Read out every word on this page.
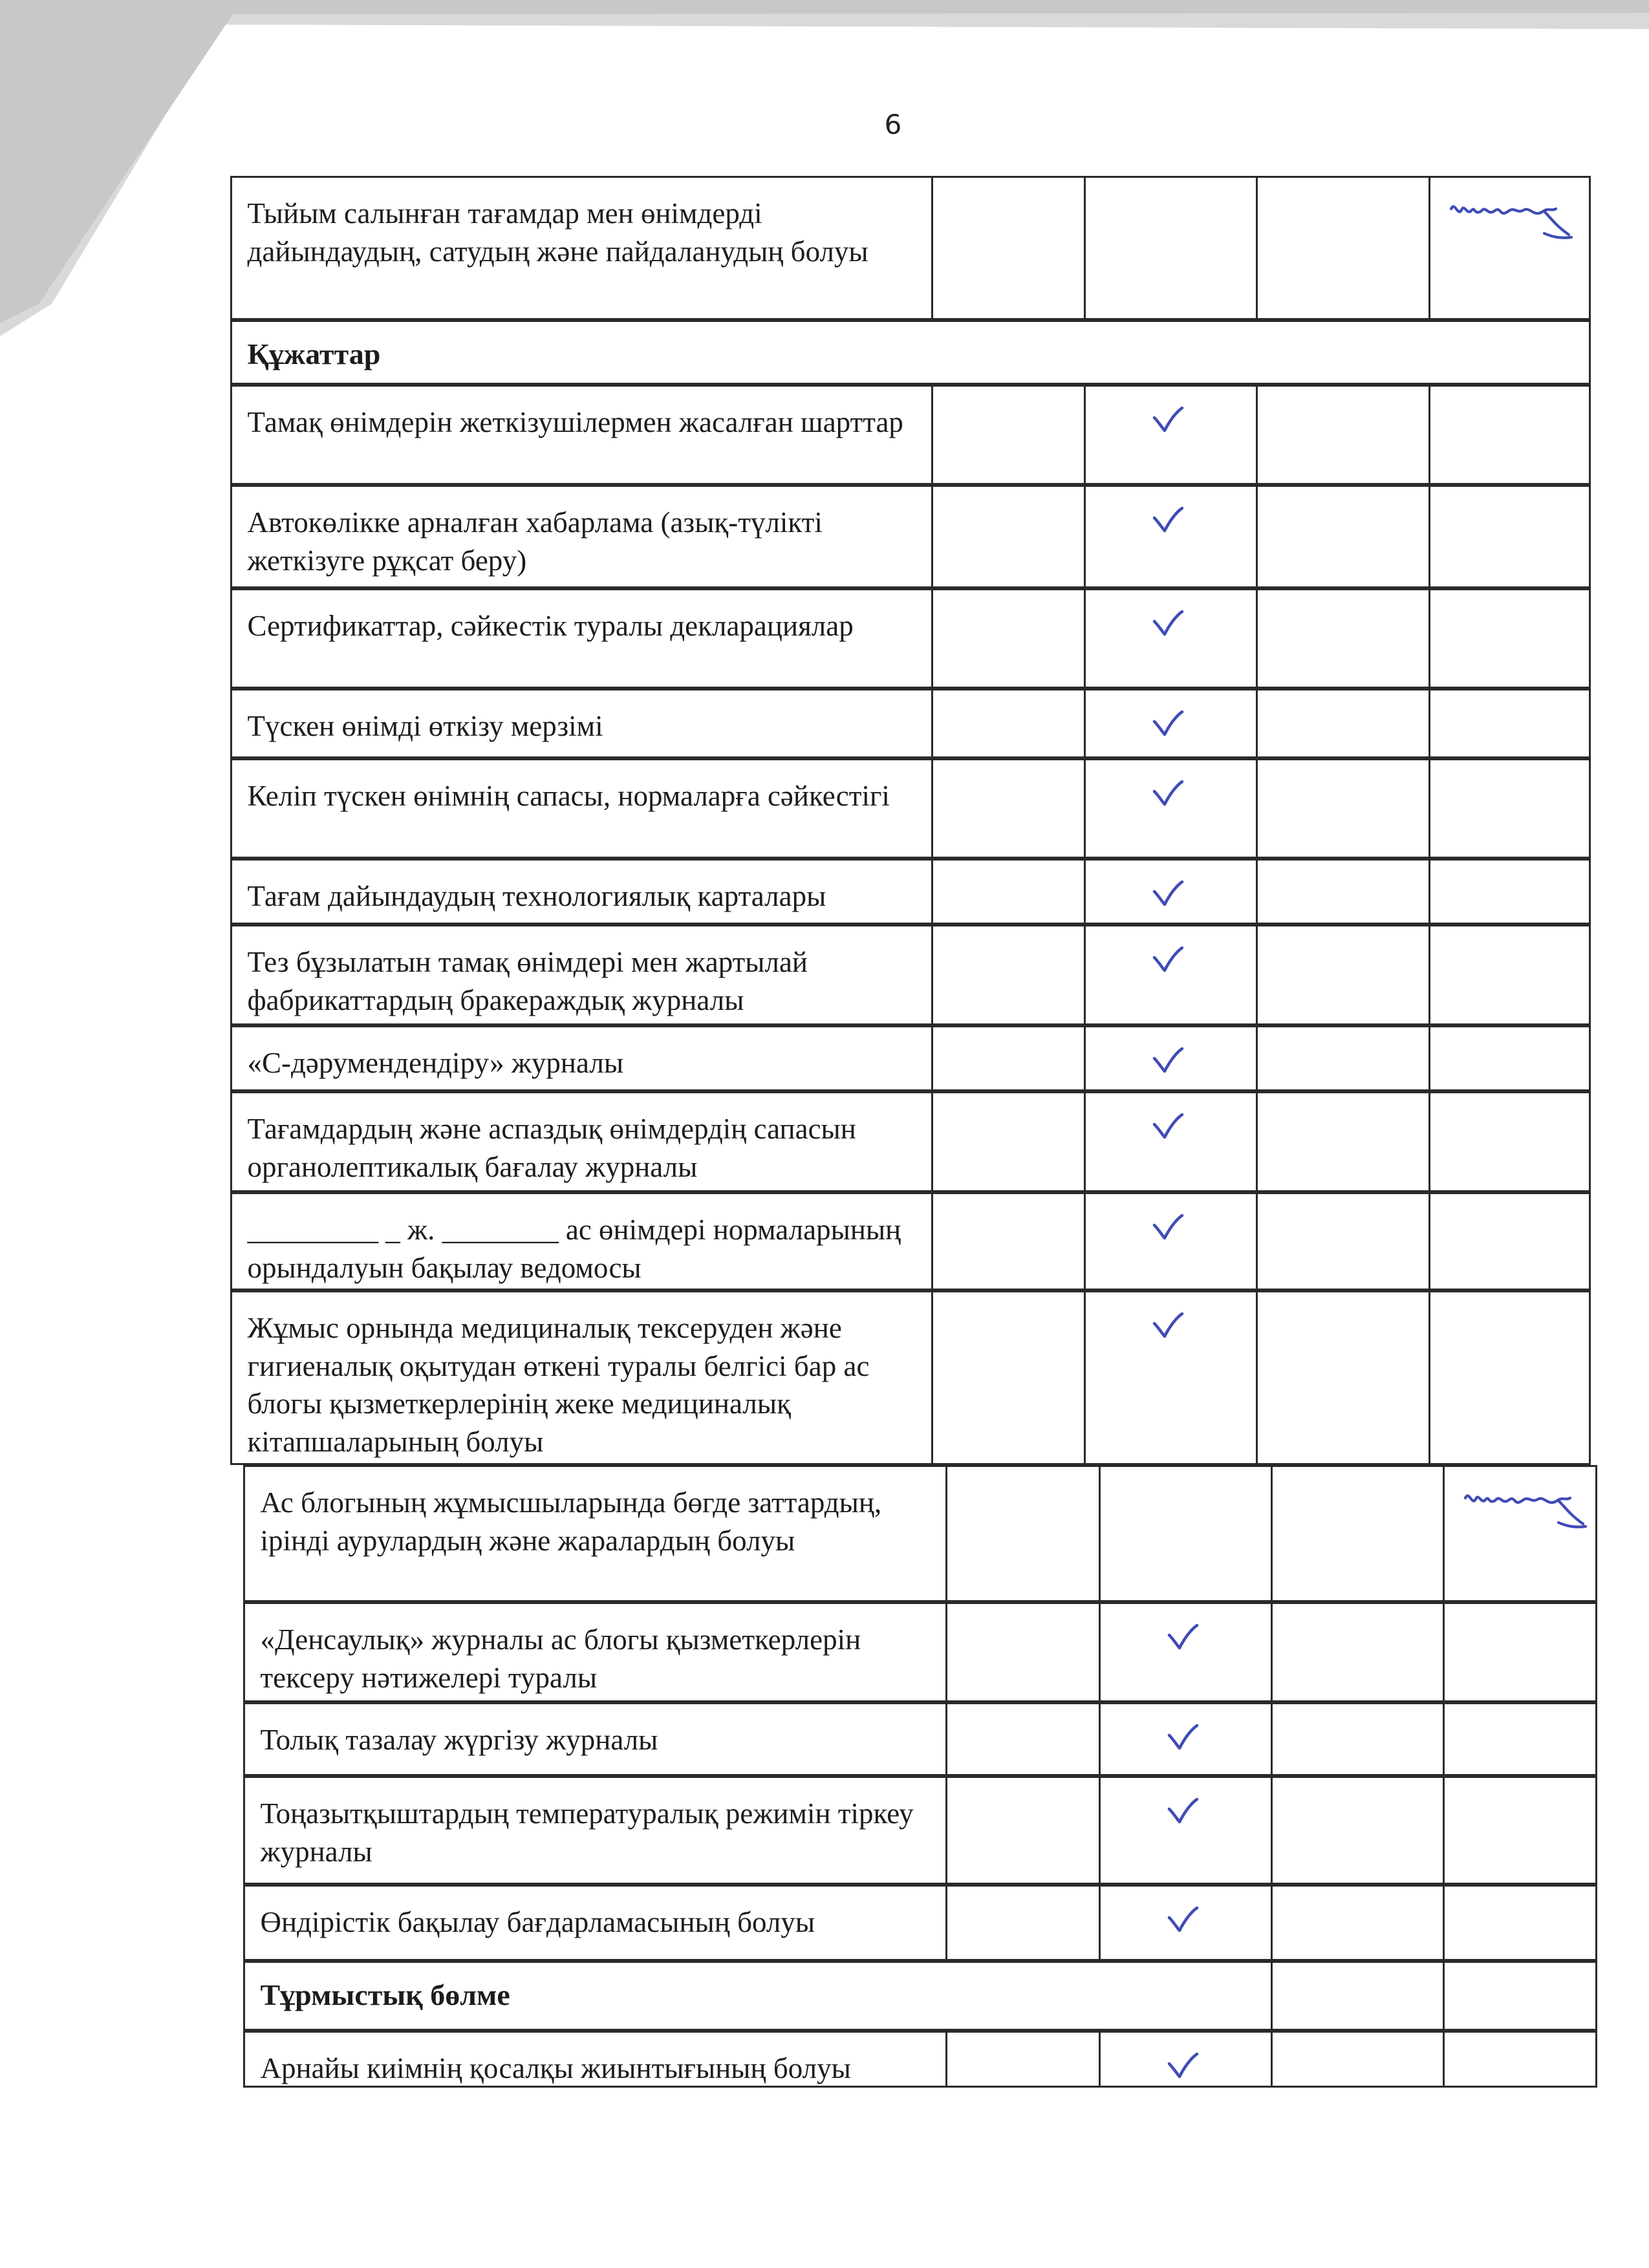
6
Тыйым салынған тағамдар мен өнімдерді дайындаудың, сатудың және пайдаланудың болуы
Құжаттар
Тамақ өнімдерін жеткізушілермен жасалған шарттар
Автокөлікке арналған хабарлама (азық-түлікті жеткізуге рұқсат беру)
Сертификаттар, сәйкестік туралы декларациялар
Түскен өнімді өткізу мерзімі
Келіп түскен өнімнің сапасы, нормаларға сәйкестігі
Тағам дайындаудың технологиялық карталары
Тез бұзылатын тамақ өнімдері мен жартылай фабрикаттардың бракераждық журналы
«С-дәрумендендіру» журналы
Тағамдардың және аспаздық өнімдердің сапасын органолептикалық бағалау журналы
_________ _ ж. ________ ас өнімдері нормаларының орындалуын бақылау ведомосы
Жұмыс орнында медициналық тексеруден және гигиеналық оқытудан өткені туралы белгісі бар ас блогы қызметкерлерінің жеке медициналық кітапшаларының болуы
Ас блогының жұмысшыларында бөгде заттардың, ірінді аурулардың және жаралардың болуы
«Денсаулық» журналы ас блогы қызметкерлерін тексеру нәтижелері туралы
Толық тазалау жүргізу журналы
Тоңазытқыштардың температуралық режимін тіркеу журналы
Өндірістік бақылау бағдарламасының болуы
Тұрмыстық бөлме
Арнайы киімнің қосалқы жиынтығының болуы
